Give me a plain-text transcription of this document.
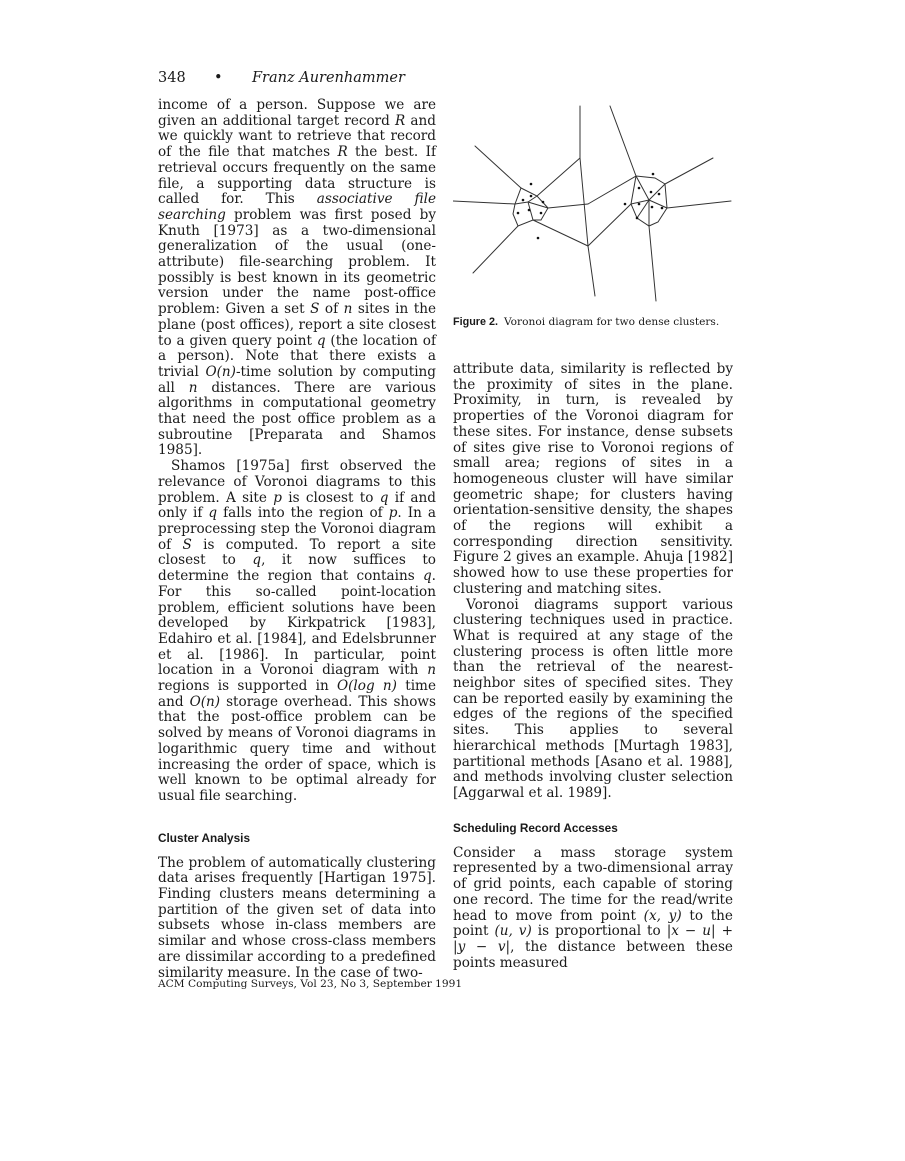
348 • Franz Aurenhammer

income of a person. Suppose we are given an additional target record R and we quickly want to retrieve that record of the file that matches R the best. If retrieval occurs frequently on the same file, a supporting data structure is called for. This associative file searching problem was first posed by Knuth [1973] as a two-dimensional generalization of the usual (one-attribute) file-searching problem. It possibly is best known in its geometric version under the name post-office problem: Given a set S of n sites in the plane (post offices), report a site closest to a given query point q (the location of a person). Note that there exists a trivial O(n)-time solution by computing all n distances. There are various algorithms in computational geometry that need the post office problem as a subroutine [Preparata and Shamos 1985].

Shamos [1975a] first observed the relevance of Voronoi diagrams to this problem. A site p is closest to q if and only if q falls into the region of p. In a preprocessing step the Voronoi diagram of S is computed. To report a site closest to q, it now suffices to determine the region that contains q. For this so-called point-location problem, efficient solutions have been developed by Kirkpatrick [1983], Edahiro et al. [1984], and Edelsbrunner et al. [1986]. In particular, point location in a Voronoi diagram with n regions is supported in O(log n) time and O(n) storage overhead. This shows that the post-office problem can be solved by means of Voronoi diagrams in logarithmic query time and without increasing the order of space, which is well known to be optimal already for usual file searching.

Cluster Analysis

The problem of automatically clustering data arises frequently [Hartigan 1975]. Finding clusters means determining a partition of the given set of data into subsets whose in-class members are similar and whose cross-class members are dissimilar according to a predefined similarity measure. In the case of two-

Figure 2. Voronoi diagram for two dense clusters.

attribute data, similarity is reflected by the proximity of sites in the plane. Proximity, in turn, is revealed by properties of the Voronoi diagram for these sites. For instance, dense subsets of sites give rise to Voronoi regions of small area; regions of sites in a homogeneous cluster will have similar geometric shape; for clusters having orientation-sensitive density, the shapes of the regions will exhibit a corresponding direction sensitivity. Figure 2 gives an example. Ahuja [1982] showed how to use these properties for clustering and matching sites.

Voronoi diagrams support various clustering techniques used in practice. What is required at any stage of the clustering process is often little more than the retrieval of the nearest-neighbor sites of specified sites. They can be reported easily by examining the edges of the regions of the specified sites. This applies to several hierarchical methods [Murtagh 1983], partitional methods [Asano et al. 1988], and methods involving cluster selection [Aggarwal et al. 1989].

Scheduling Record Accesses

Consider a mass storage system represented by a two-dimensional array of grid points, each capable of storing one record. The time for the read/write head to move from point (x, y) to the point (u, v) is proportional to |x − u| + |y − v|, the distance between these points measured

ACM Computing Surveys, Vol 23, No 3, September 1991
